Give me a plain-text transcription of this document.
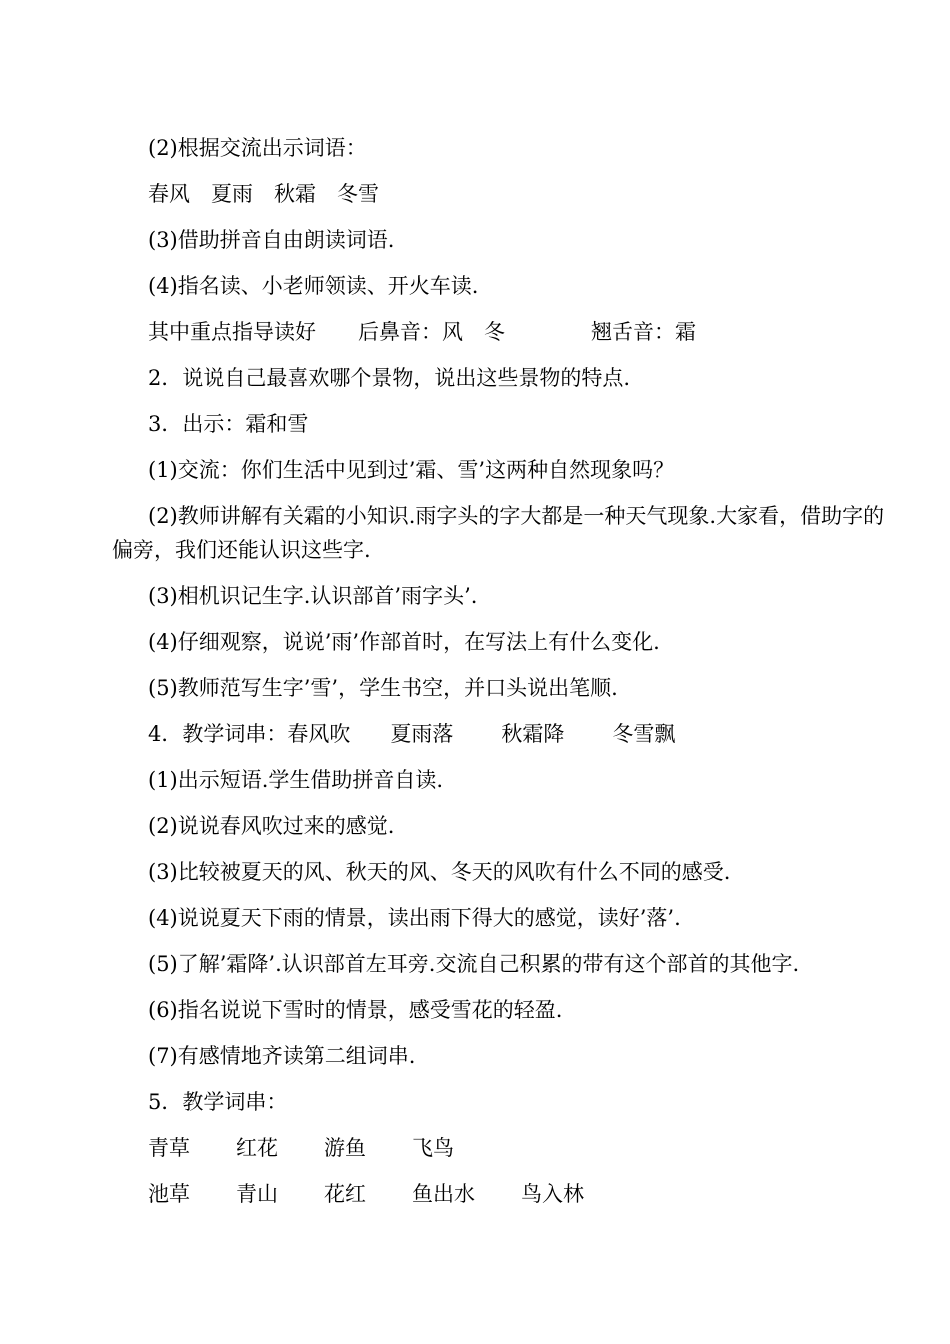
(2)根据交流出示词语：
春风　夏雨　秋霜　冬雪
(3)借助拼音自由朗读词语.
(4)指名读、小老师领读、开火车读.
其中重点指导读好 后鼻音：风　冬	翘舌音：霜
2．说说自己最喜欢哪个景物，说出这些景物的特点.
3．出示：霜和雪
(1)交流：你们生活中见到过’霜、雪’这两种自然现象吗？
(2)教师讲解有关霜的小知识.雨字头的字大都是一种天气现象.大家看，借助字的偏旁，我们还能认识这些字.
(3)相机识记生字.认识部首’雨字头’.
(4)仔细观察，说说’雨’作部首时，在写法上有什么变化.
(5)教师范写生字’雪’，学生书空，并口头说出笔顺.
4．教学词串：春风吹 夏雨落 秋霜降 冬雪飘
(1)出示短语.学生借助拼音自读.
(2)说说春风吹过来的感觉.
(3)比较被夏天的风、秋天的风、冬天的风吹有什么不同的感受.
(4)说说夏天下雨的情景，读出雨下得大的感觉，读好’落’.
(5)了解’霜降’.认识部首左耳旁.交流自己积累的带有这个部首的其他字.
(6)指名说说下雪时的情景，感受雪花的轻盈.
(7)有感情地齐读第二组词串.
5．教学词串：
青草 红花 游鱼 飞鸟
池草 青山 花红 鱼出水 鸟入林
